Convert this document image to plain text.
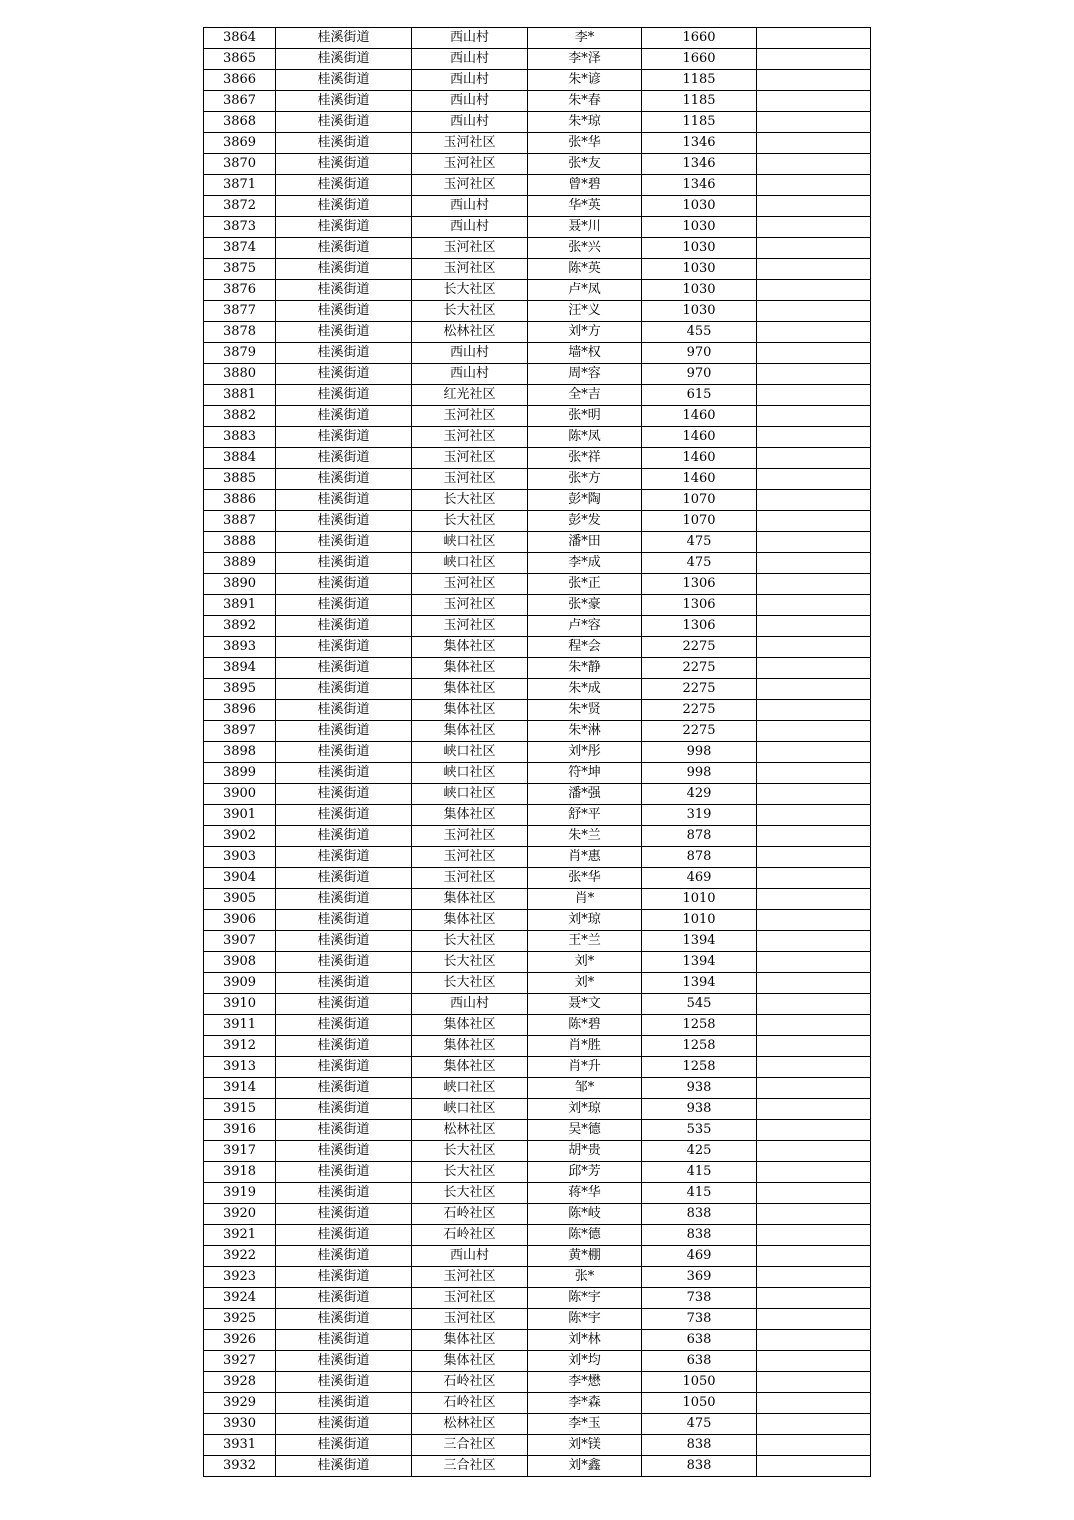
3864	桂溪街道	西山村	李*	1660	
3865	桂溪街道	西山村	李*泽	1660	
3866	桂溪街道	西山村	朱*谚	1185	
3867	桂溪街道	西山村	朱*春	1185	
3868	桂溪街道	西山村	朱*琼	1185	
3869	桂溪街道	玉河社区	张*华	1346	
3870	桂溪街道	玉河社区	张*友	1346	
3871	桂溪街道	玉河社区	曾*碧	1346	
3872	桂溪街道	西山村	华*英	1030	
3873	桂溪街道	西山村	聂*川	1030	
3874	桂溪街道	玉河社区	张*兴	1030	
3875	桂溪街道	玉河社区	陈*英	1030	
3876	桂溪街道	长大社区	卢*凤	1030	
3877	桂溪街道	长大社区	汪*义	1030	
3878	桂溪街道	松林社区	刘*方	455	
3879	桂溪街道	西山村	墙*权	970	
3880	桂溪街道	西山村	周*容	970	
3881	桂溪街道	红光社区	全*吉	615	
3882	桂溪街道	玉河社区	张*明	1460	
3883	桂溪街道	玉河社区	陈*凤	1460	
3884	桂溪街道	玉河社区	张*祥	1460	
3885	桂溪街道	玉河社区	张*方	1460	
3886	桂溪街道	长大社区	彭*陶	1070	
3887	桂溪街道	长大社区	彭*发	1070	
3888	桂溪街道	峡口社区	潘*田	475	
3889	桂溪街道	峡口社区	李*成	475	
3890	桂溪街道	玉河社区	张*正	1306	
3891	桂溪街道	玉河社区	张*豪	1306	
3892	桂溪街道	玉河社区	卢*容	1306	
3893	桂溪街道	集体社区	程*会	2275	
3894	桂溪街道	集体社区	朱*静	2275	
3895	桂溪街道	集体社区	朱*成	2275	
3896	桂溪街道	集体社区	朱*贤	2275	
3897	桂溪街道	集体社区	朱*淋	2275	
3898	桂溪街道	峡口社区	刘*彤	998	
3899	桂溪街道	峡口社区	符*坤	998	
3900	桂溪街道	峡口社区	潘*强	429	
3901	桂溪街道	集体社区	舒*平	319	
3902	桂溪街道	玉河社区	朱*兰	878	
3903	桂溪街道	玉河社区	肖*惠	878	
3904	桂溪街道	玉河社区	张*华	469	
3905	桂溪街道	集体社区	肖*	1010	
3906	桂溪街道	集体社区	刘*琼	1010	
3907	桂溪街道	长大社区	王*兰	1394	
3908	桂溪街道	长大社区	刘*	1394	
3909	桂溪街道	长大社区	刘*	1394	
3910	桂溪街道	西山村	聂*文	545	
3911	桂溪街道	集体社区	陈*碧	1258	
3912	桂溪街道	集体社区	肖*胜	1258	
3913	桂溪街道	集体社区	肖*升	1258	
3914	桂溪街道	峡口社区	邹*	938	
3915	桂溪街道	峡口社区	刘*琼	938	
3916	桂溪街道	松林社区	吴*德	535	
3917	桂溪街道	长大社区	胡*贵	425	
3918	桂溪街道	长大社区	邱*芳	415	
3919	桂溪街道	长大社区	蒋*华	415	
3920	桂溪街道	石岭社区	陈*岐	838	
3921	桂溪街道	石岭社区	陈*德	838	
3922	桂溪街道	西山村	黄*棚	469	
3923	桂溪街道	玉河社区	张*	369	
3924	桂溪街道	玉河社区	陈*宇	738	
3925	桂溪街道	玉河社区	陈*宇	738	
3926	桂溪街道	集体社区	刘*林	638	
3927	桂溪街道	集体社区	刘*均	638	
3928	桂溪街道	石岭社区	李*懋	1050	
3929	桂溪街道	石岭社区	李*森	1050	
3930	桂溪街道	松林社区	李*玉	475	
3931	桂溪街道	三合社区	刘*镁	838	
3932	桂溪街道	三合社区	刘*鑫	838	
